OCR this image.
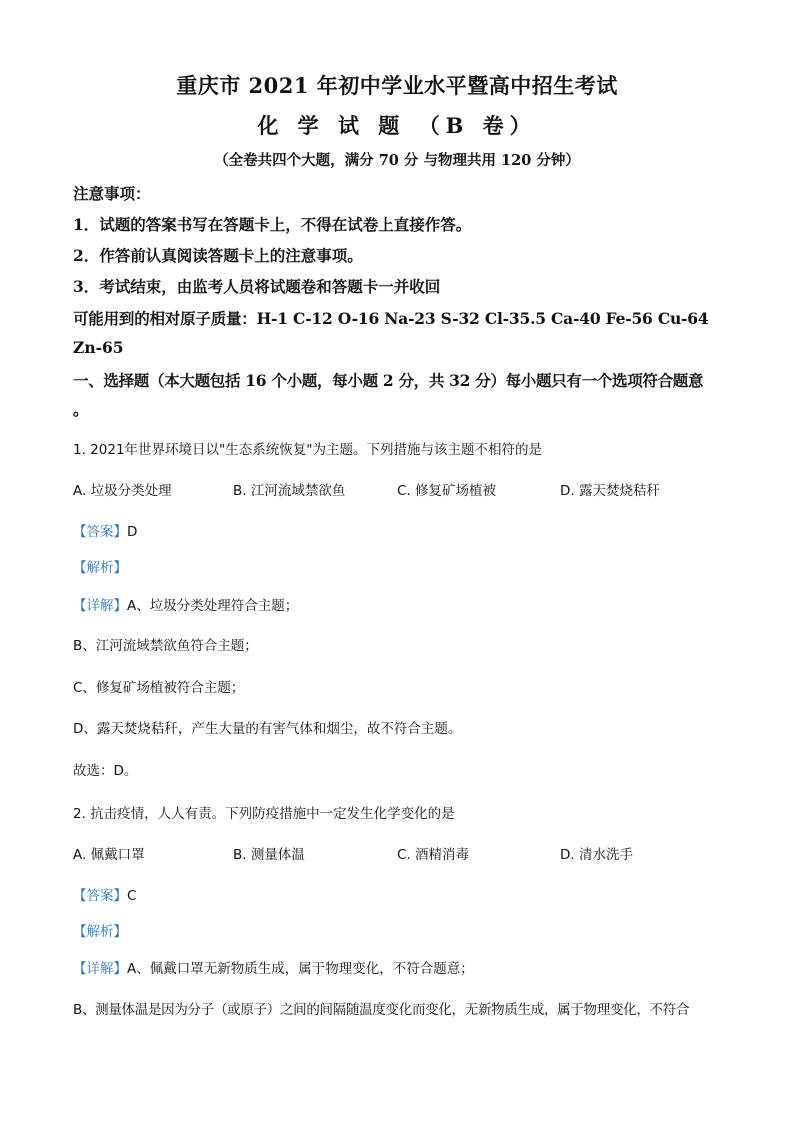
重庆市 2021 年初中学业水平暨高中招生考试
化 学 试 题 （B 卷）
（全卷共四个大题，满分 70 分 与物理共用 120 分钟）
注意事项：
1．试题的答案书写在答题卡上，不得在试卷上直接作答。
2．作答前认真阅读答题卡上的注意事项。
3．考试结束，由监考人员将试题卷和答题卡一并收回
可能用到的相对原子质量：H-1 C-12 O-16 Na-23 S-32 Cl-35.5 Ca-40 Fe-56 Cu-64
Zn-65
一、选择题（本大题包括 16 个小题，每小题 2 分，共 32 分）每小题只有一个选项符合题意
。
1. 2021年世界环境日以"生态系统恢复"为主题。下列措施与该主题不相符的是
A. 垃圾分类处理	B. 江河流域禁欲鱼	C. 修复矿场植被	D. 露天焚烧秸秆
【答案】D
【解析】
【详解】A、垃圾分类处理符合主题；
B、江河流域禁欲鱼符合主题；
C、修复矿场植被符合主题；
D、露天焚烧秸秆，产生大量的有害气体和烟尘，故不符合主题。
故选：D。
2. 抗击疫情，人人有责。下列防疫措施中一定发生化学变化的是
A. 佩戴口罩	B. 测量体温	C. 酒精消毒	D. 清水洗手
【答案】C
【解析】
【详解】A、佩戴口罩无新物质生成，属于物理变化，不符合题意；
B、测量体温是因为分子（或原子）之间的间隔随温度变化而变化，无新物质生成，属于物理变化，不符合
